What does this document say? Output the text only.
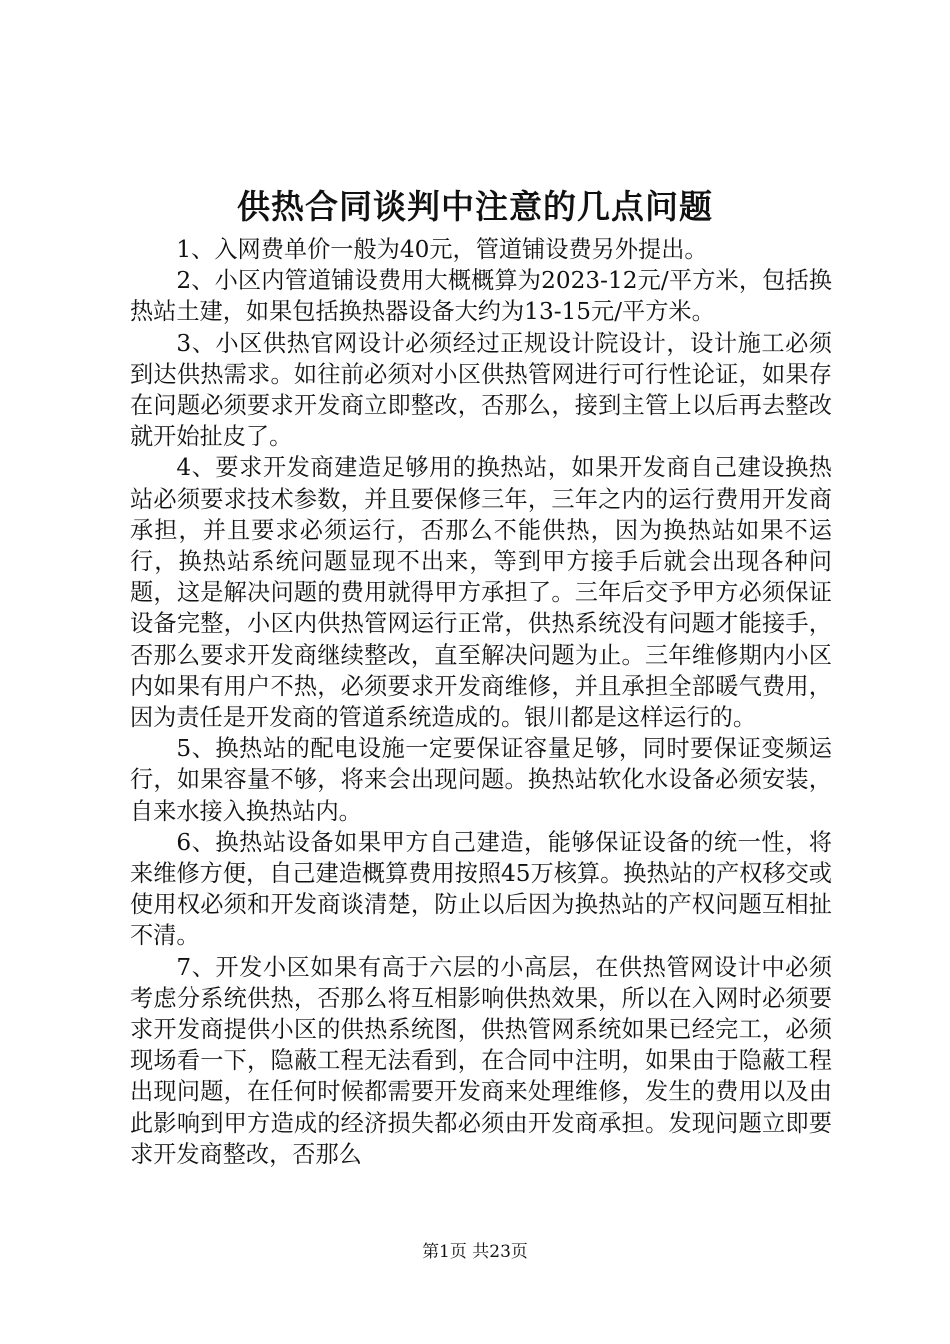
供热合同谈判中注意的几点问题

1、入网费单价一般为40元，管道铺设费另外提出。

2、小区内管道铺设费用大概概算为2023-12元/平方米，包括换热站土建，如果包括换热器设备大约为13-15元/平方米。

3、小区供热官网设计必须经过正规设计院设计，设计施工必须到达供热需求。如往前必须对小区供热管网进行可行性论证，如果存在问题必须要求开发商立即整改，否那么，接到主管上以后再去整改就开始扯皮了。

4、要求开发商建造足够用的换热站，如果开发商自己建设换热站必须要求技术参数，并且要保修三年，三年之内的运行费用开发商承担，并且要求必须运行，否那么不能供热，因为换热站如果不运行，换热站系统问题显现不出来，等到甲方接手后就会出现各种问题，这是解决问题的费用就得甲方承担了。三年后交予甲方必须保证设备完整，小区内供热管网运行正常，供热系统没有问题才能接手，否那么要求开发商继续整改，直至解决问题为止。三年维修期内小区内如果有用户不热，必须要求开发商维修，并且承担全部暖气费用，因为责任是开发商的管道系统造成的。银川都是这样运行的。

5、换热站的配电设施一定要保证容量足够，同时要保证变频运行，如果容量不够，将来会出现问题。换热站软化水设备必须安装，自来水接入换热站内。

6、换热站设备如果甲方自己建造，能够保证设备的统一性，将来维修方便，自己建造概算费用按照45万核算。换热站的产权移交或使用权必须和开发商谈清楚，防止以后因为换热站的产权问题互相扯不清。

7、开发小区如果有高于六层的小高层，在供热管网设计中必须考虑分系统供热，否那么将互相影响供热效果，所以在入网时必须要求开发商提供小区的供热系统图，供热管网系统如果已经完工，必须现场看一下，隐蔽工程无法看到，在合同中注明，如果由于隐蔽工程出现问题，在任何时候都需要开发商来处理维修，发生的费用以及由此影响到甲方造成的经济损失都必须由开发商承担。发现问题立即要求开发商整改，否那么

第1页 共23页
